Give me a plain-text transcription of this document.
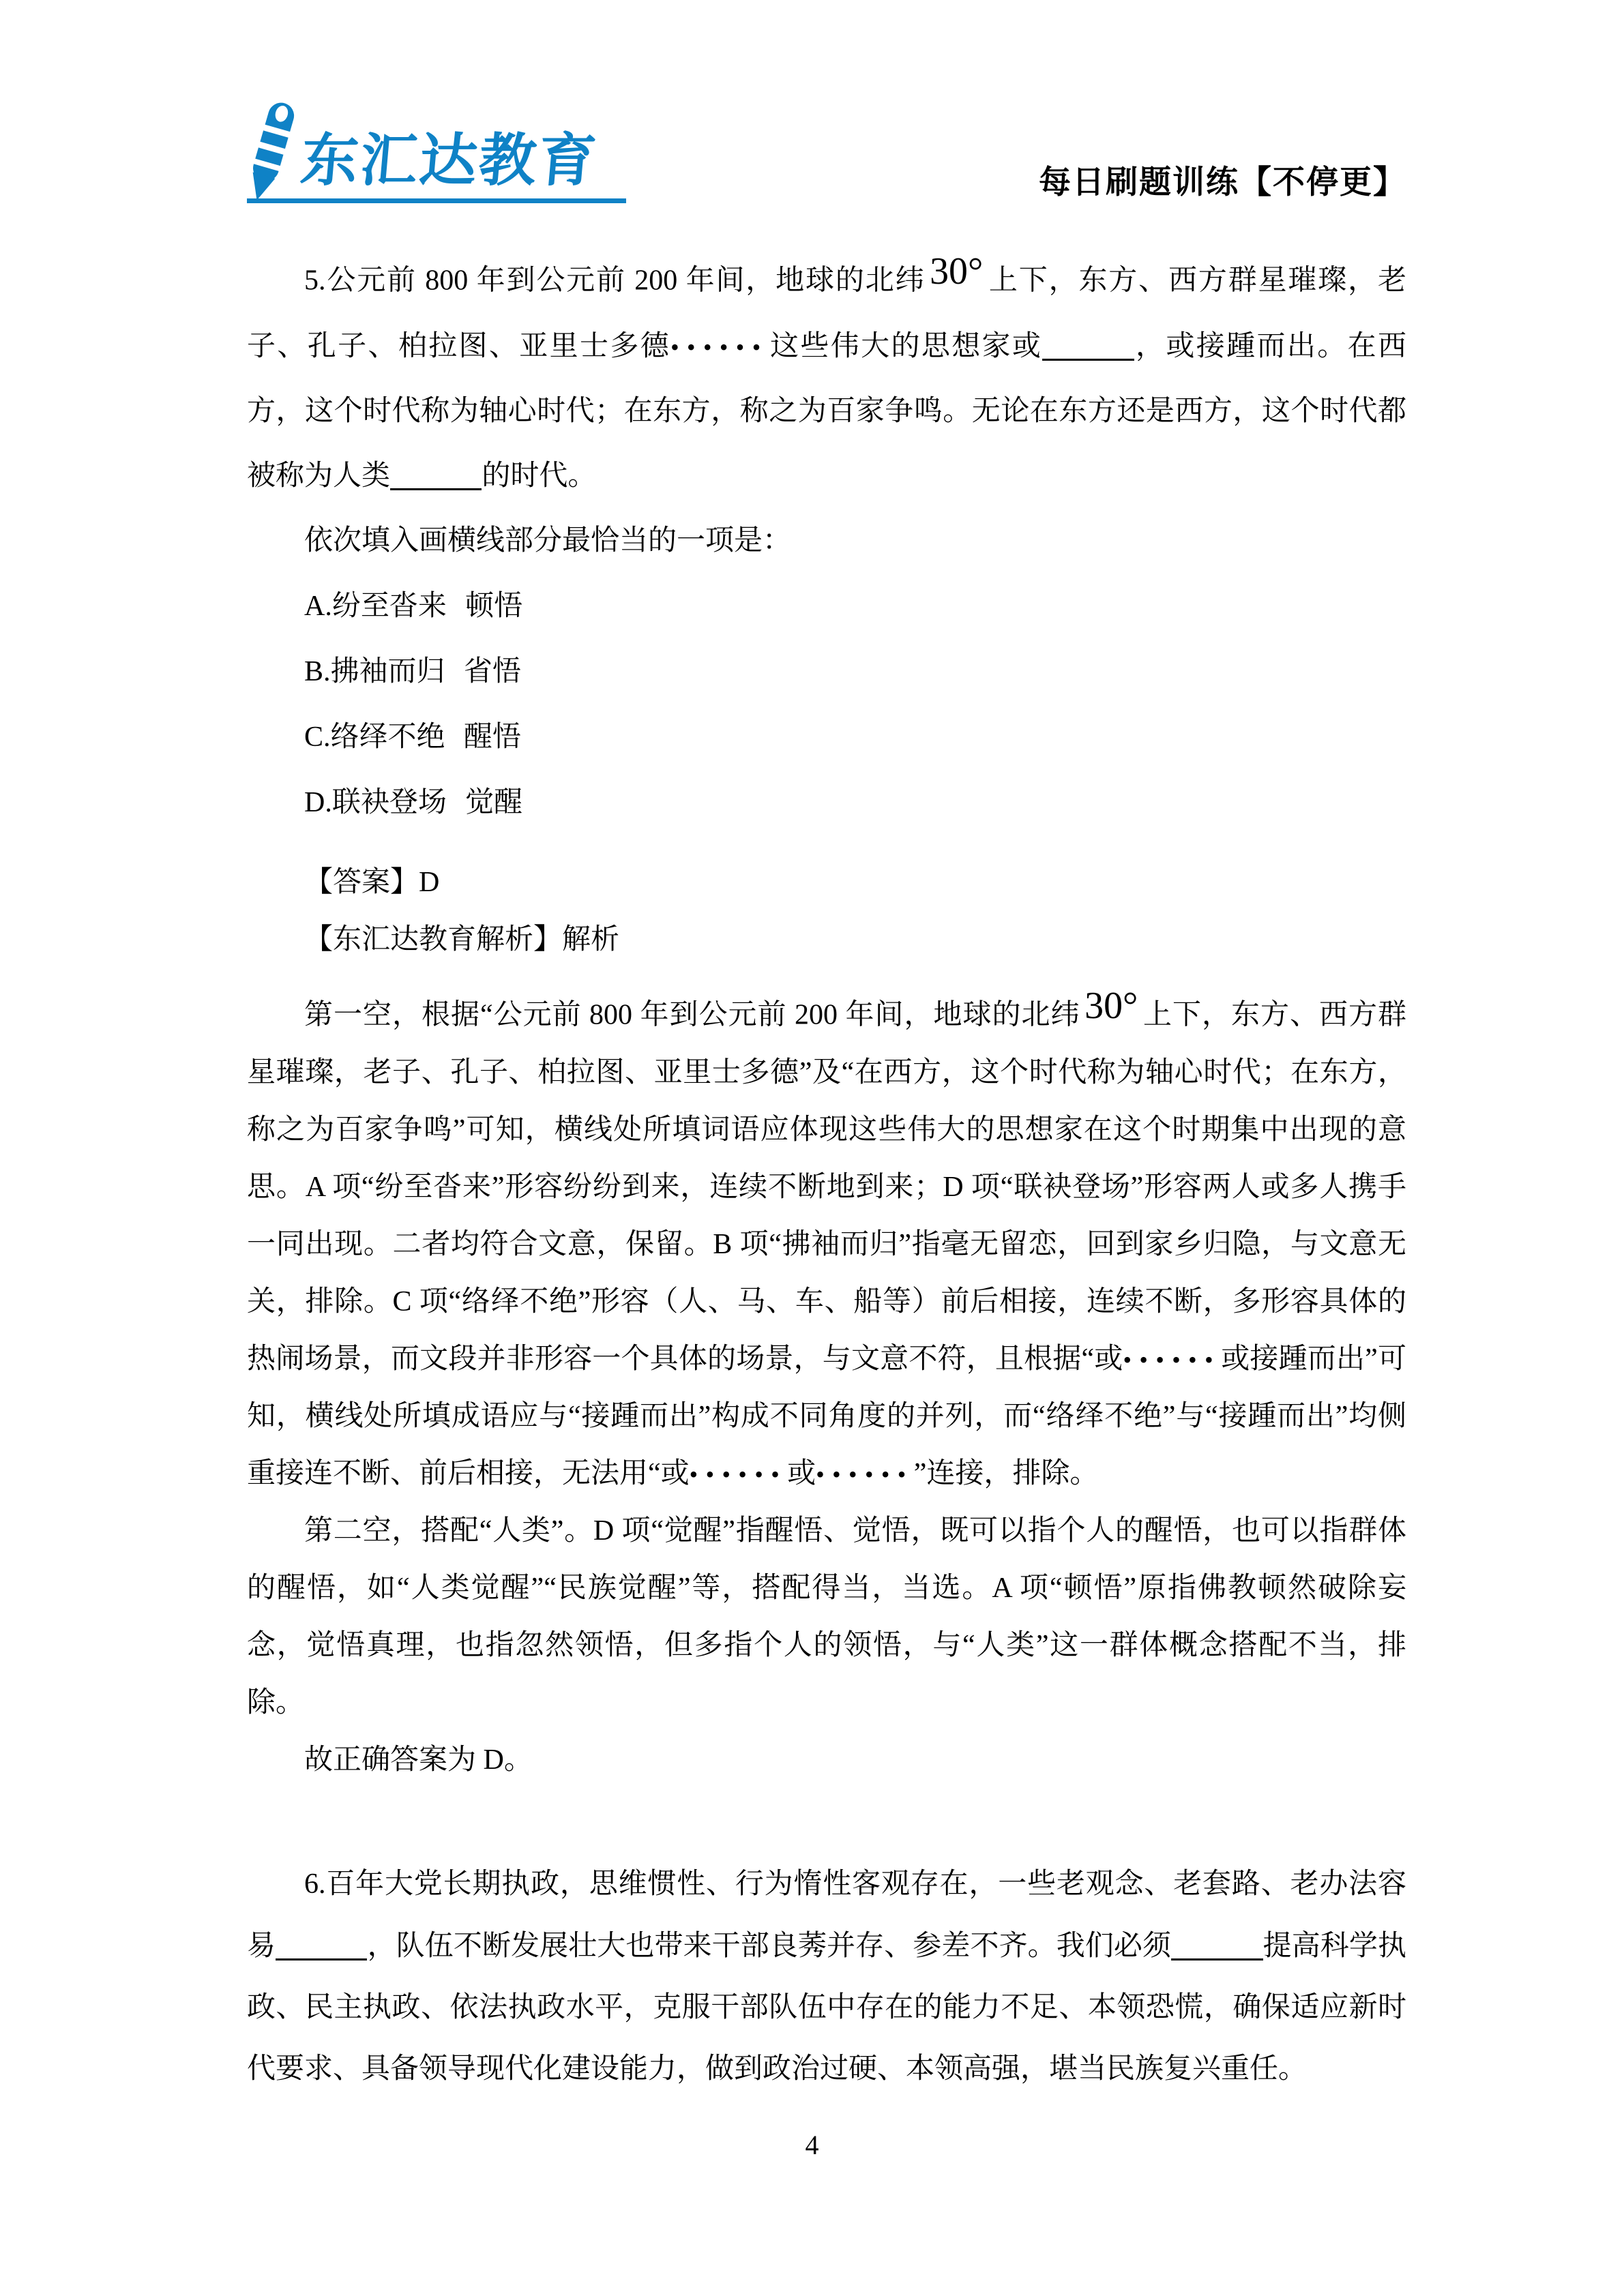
东汇达教育	每日刷题训练【不停更】

5.公元前 800 年到公元前 200 年间，地球的北纬 30° 上下，东方、西方群星璀璨，老子、孔子、柏拉图、亚里士多德••••••这些伟大的思想家或	，或接踵而出。在西方，这个时代称为轴心时代；在东方，称之为百家争鸣。无论在东方还是西方，这个时代都被称为人类	的时代。

依次填入画横线部分最恰当的一项是：

A.纷至沓来 顿悟

B.拂袖而归 省悟

C.络绎不绝 醒悟

D.联袂登场 觉醒

【答案】D

【东汇达教育解析】解析

第一空，根据“公元前 800 年到公元前 200 年间，地球的北纬 30° 上下，东方、西方群星璀璨，老子、孔子、柏拉图、亚里士多德”及“在西方，这个时代称为轴心时代；在东方，称之为百家争鸣”可知，横线处所填词语应体现这些伟大的思想家在这个时期集中出现的意思。A 项“纷至沓来”形容纷纷到来，连续不断地到来；D 项“联袂登场”形容两人或多人携手一同出现。二者均符合文意，保留。B 项“拂袖而归”指毫无留恋，回到家乡归隐，与文意无关，排除。C 项“络绎不绝”形容（人、马、车、船等）前后相接，连续不断，多形容具体的热闹场景，而文段并非形容一个具体的场景，与文意不符，且根据“或••••••或接踵而出”可知，横线处所填成语应与“接踵而出”构成不同角度的并列，而“络绎不绝”与“接踵而出”均侧重接连不断、前后相接，无法用“或••••••或••••••”连接，排除。

第二空，搭配“人类”。D 项“觉醒”指醒悟、觉悟，既可以指个人的醒悟，也可以指群体的醒悟，如“人类觉醒”“民族觉醒”等，搭配得当，当选。A 项“顿悟”原指佛教顿然破除妄念，觉悟真理，也指忽然领悟，但多指个人的领悟，与“人类”这一群体概念搭配不当，排除。

故正确答案为 D。

6.百年大党长期执政，思维惯性、行为惰性客观存在，一些老观念、老套路、老办法容易	，队伍不断发展壮大也带来干部良莠并存、参差不齐。我们必须	提高科学执政、民主执政、依法执政水平，克服干部队伍中存在的能力不足、本领恐慌，确保适应新时代要求、具备领导现代化建设能力，做到政治过硬、本领高强，堪当民族复兴重任。

4
